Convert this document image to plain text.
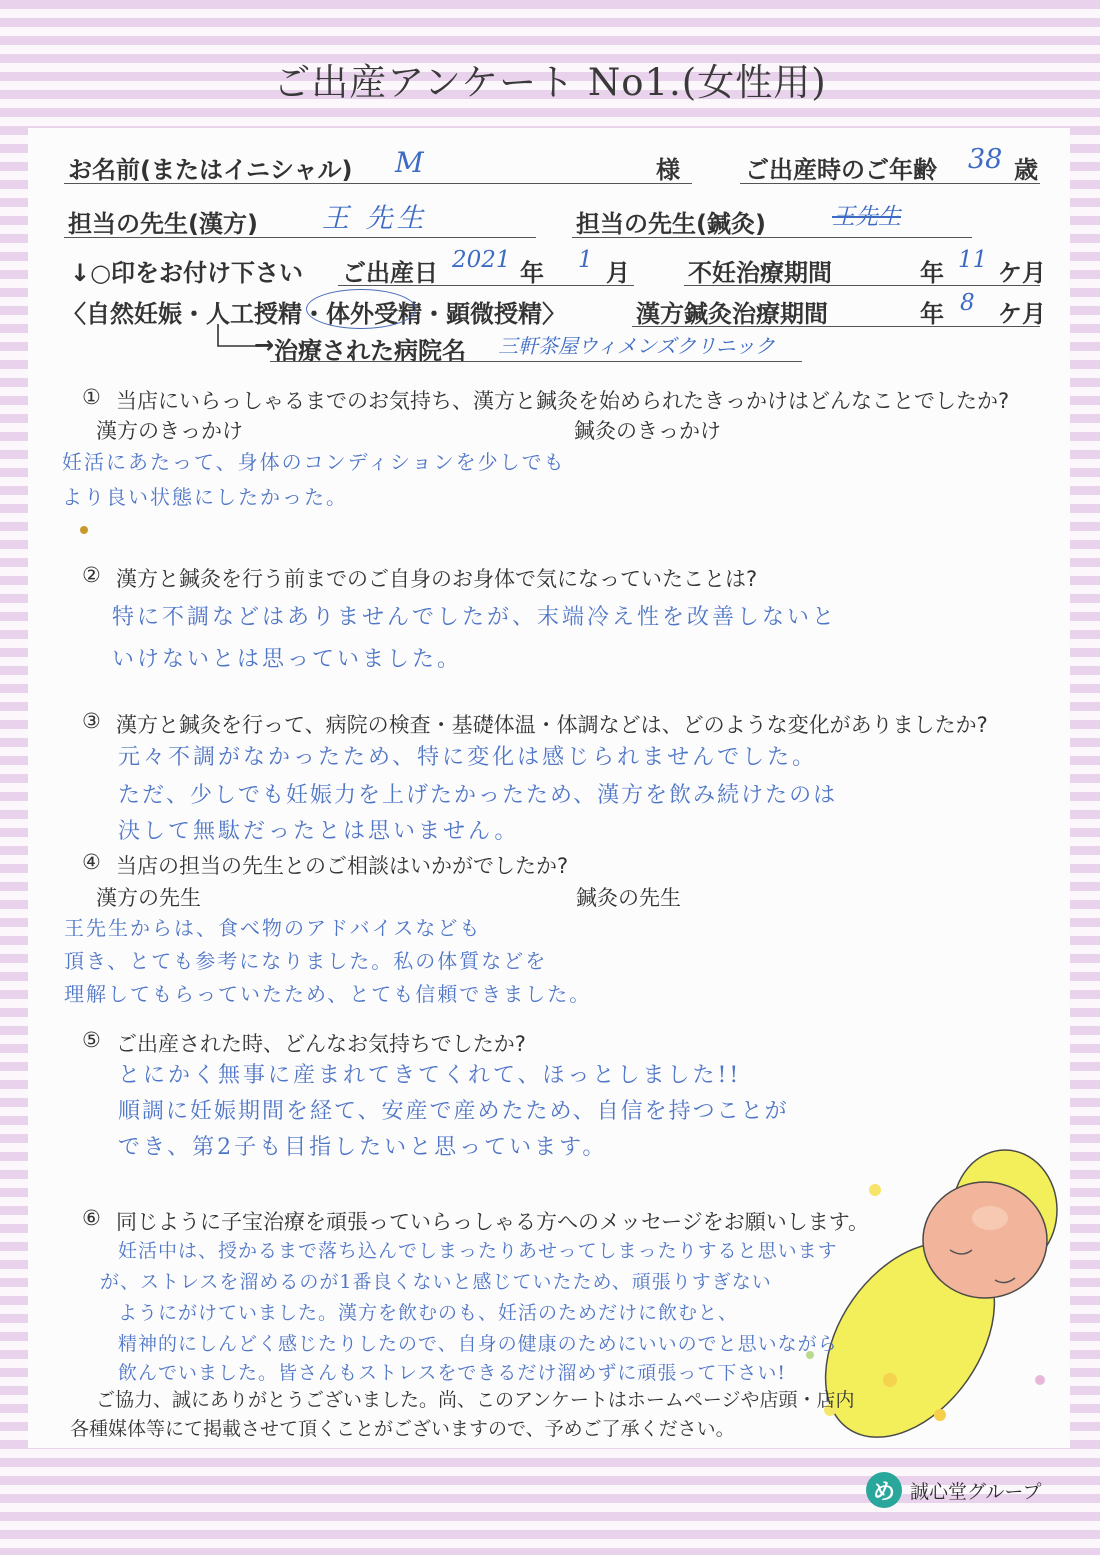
ご出産アンケート No1.(女性用)
お名前(またはイニシャル) M	様	ご出産時のご年齢 38 歳
担当の先生(漢方) 王 先生	担当の先生(鍼灸)	王先生
↓○印をお付け下さい ご出産日 2021 年 1 月 不妊治療期間	年 11 ケ月
〈自然妊娠・人工授精・体外受精・顕微授精〉	漢方鍼灸治療期間	年 8 ケ月
→ 治療された病院名 三軒茶屋ウィメンズクリニック
① 当店にいらっしゃるまでのお気持ち、漢方と鍼灸を始められたきっかけはどんなことでしたか?
漢方のきっかけ	鍼灸のきっかけ
妊活にあたって、身体のコンディションを少しでも
より良い状態にしたかった。
② 漢方と鍼灸を行う前までのご自身のお身体で気になっていたことは?
特に不調などはありませんでしたが、末端冷え性を改善しないと
いけないとは思っていました。
③ 漢方と鍼灸を行って、病院の検査・基礎体温・体調などは、どのような変化がありましたか?
元々不調がなかったため、特に変化は感じられませんでした。
ただ、少しでも妊娠力を上げたかったため、漢方を飲み続けたのは
決して無駄だったとは思いません。
④ 当店の担当の先生とのご相談はいかがでしたか?
漢方の先生	鍼灸の先生
王先生からは、食べ物のアドバイスなども
頂き、とても参考になりました。私の体質などを
理解してもらっていたため、とても信頼できました。
⑤ ご出産された時、どんなお気持ちでしたか?
とにかく無事に産まれてきてくれて、ほっとしました!!
順調に妊娠期間を経て、安産で産めたため、自信を持つことが
でき、第2子も目指したいと思っています。
⑥ 同じように子宝治療を頑張っていらっしゃる方へのメッセージをお願いします。
妊活中は、授かるまで落ち込んでしまったりあせってしまったりすると思います
が、ストレスを溜めるのが1番良くないと感じていたため、頑張りすぎない
ようにがけていました。漢方を飲むのも、妊活のためだけに飲むと、
精神的にしんどく感じたりしたので、自身の健康のためにいいのでと思いながら
飲んでいました。皆さんもストレスをできるだけ溜めずに頑張って下さい!
ご協力、誠にありがとうございました。尚、このアンケートはホームページや店頭・店内
各種媒体等にて掲載させて頂くことがございますので、予めご了承ください。
め 誠心堂グループ
